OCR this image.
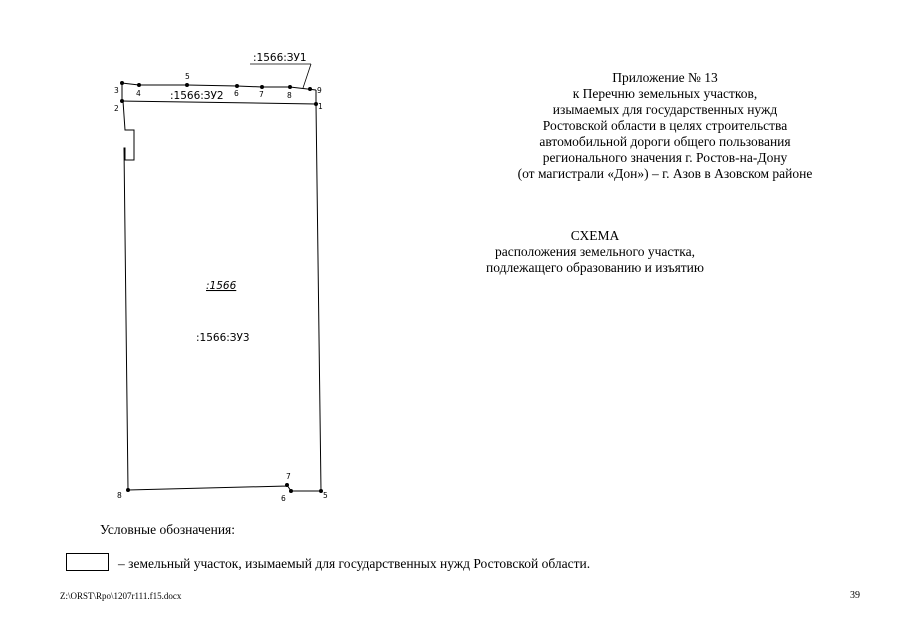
3 4
5
6	7	8
9
2	1
8
7
6	5
:1566:ЗУ1
:1566:ЗУ2
:1566
:1566:ЗУ3
Приложение № 13
к Перечню земельных участков,
изымаемых для государственных нужд
Ростовской области в целях строительства
автомобильной дороги общего пользования
регионального значения г. Ростов-на-Дону
(от магистрали «Дон») – г. Азов в Азовском районе
СХЕМА
расположения земельного участка,
подлежащего образованию и изъятию
Условные обозначения:
– земельный участок, изымаемый для государственных нужд Ростовской области.
Z:\ORST\Rpo\1207r111.f15.docx	39
